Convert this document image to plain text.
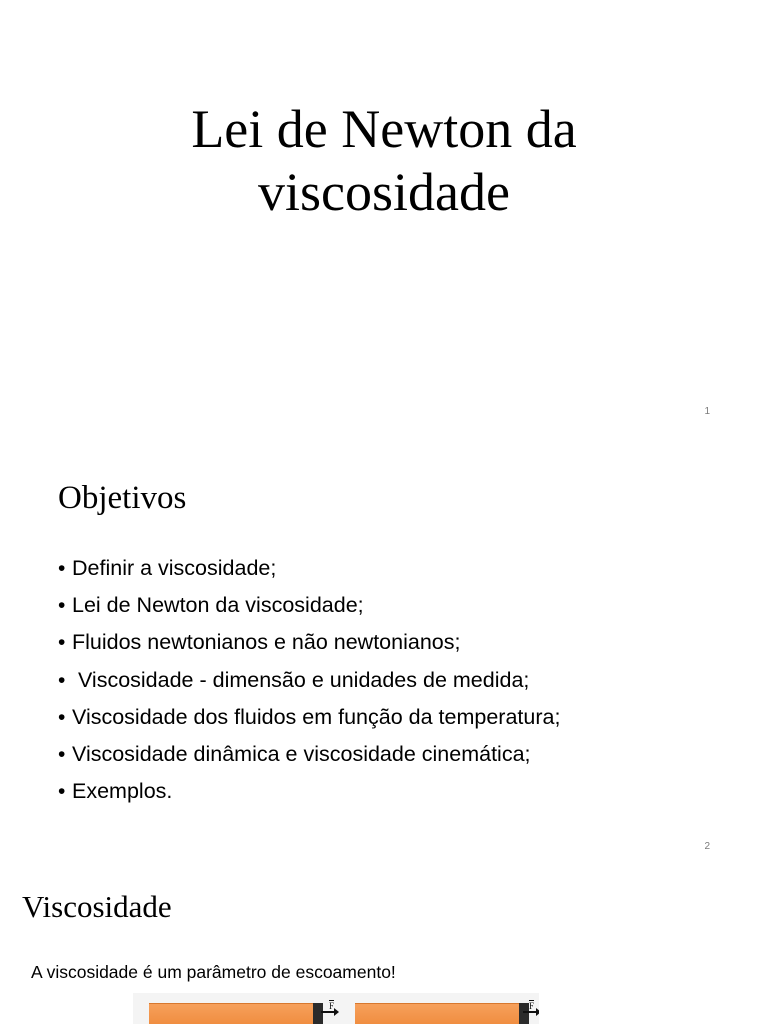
Lei de Newton da
viscosidade
1
Objetivos
• Definir a viscosidade;
• Lei de Newton da viscosidade;
• Fluidos newtonianos e não newtonianos;
• Viscosidade - dimensão e unidades de medida;
• Viscosidade dos fluidos em função da temperatura;
• Viscosidade dinâmica e viscosidade cinemática;
• Exemplos.
2
Viscosidade

A viscosidade é um parâmetro de escoamento!

F	F
